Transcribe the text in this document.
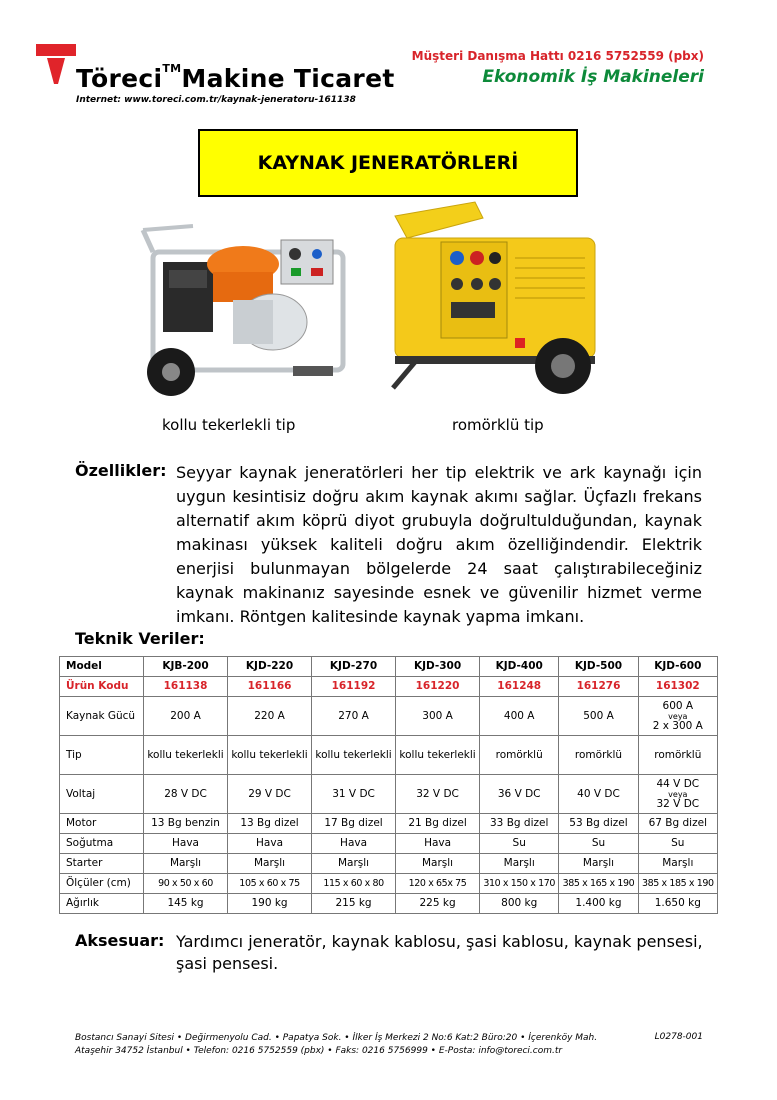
Töreci™Makine Ticaret
Internet: www.toreci.com.tr/kaynak-jeneratoru-161138
Müşteri Danışma Hattı 0216 5752559 (pbx)
Ekonomik İş Makineleri
KAYNAK JENERATÖRLERİ
kollu tekerlekli tip	romörklü tip
Özellikler: Seyyar kaynak jeneratörleri her tip elektrik ve ark kaynağı için uygun kesintisiz doğru akım kaynak akımı sağlar. Üçfazlı frekans alternatif akım köprü diyot grubuyla doğrultulduğundan, kaynak makinası yüksek kaliteli doğru akım özelliğindendir. Elektrik enerjisi bulunmayan bölgelerde 24 saat çalıştırabileceğiniz kaynak makinanız sayesinde esnek ve güvenilir hizmet verme imkanı. Röntgen kalitesinde kaynak yapma imkanı.
Teknik Veriler:
Model	KJB-200	KJD-220	KJD-270	KJD-300	KJD-400	KJD-500	KJD-600
Ürün Kodu	161138	161166	161192	161220	161248	161276	161302
Kaynak Gücü	200 A	220 A	270 A	300 A	400 A	500 A	600 A
veya
2 x 300 A

Tip	kollu tekerlekli	kollu tekerlekli	kollu tekerlekli	kollu tekerlekli	romörklü	romörklü	romörklü
Voltaj	28 V DC	29 V DC	31 V DC	32 V DC	36 V DC	40 V DC	44 V DC
veya
32 V DC

Motor	13 Bg benzin	13 Bg dizel	17 Bg dizel	21 Bg dizel	33 Bg dizel	53 Bg dizel	67 Bg dizel
Soğutma	Hava	Hava	Hava	Hava	Su	Su	Su
Starter	Marşlı	Marşlı	Marşlı	Marşlı	Marşlı	Marşlı	Marşlı
Ölçüler (cm)	90 x 50 x 60	105 x 60 x 75	115 x 60 x 80	120 x 65x 75	310 x 150 x 170	385 x 165 x 190	385 x 185 x 190
Ağırlık	145 kg	190 kg	215 kg	225 kg	800 kg	1.400 kg	1.650 kg
Aksesuar: Yardımcı jeneratör, kaynak kablosu, şasi kablosu, kaynak pensesi, şasi pensesi.
Bostancı Sanayi Sitesi • Değirmenyolu Cad. • Papatya Sok. • İlker İş Merkezi 2 No:6 Kat:2 Büro:20 • İçerenköy Mah.
Ataşehir 34752 İstanbul • Telefon: 0216 5752559 (pbx) • Faks: 0216 5756999 • E-Posta: info@toreci.com.tr
L0278-001
